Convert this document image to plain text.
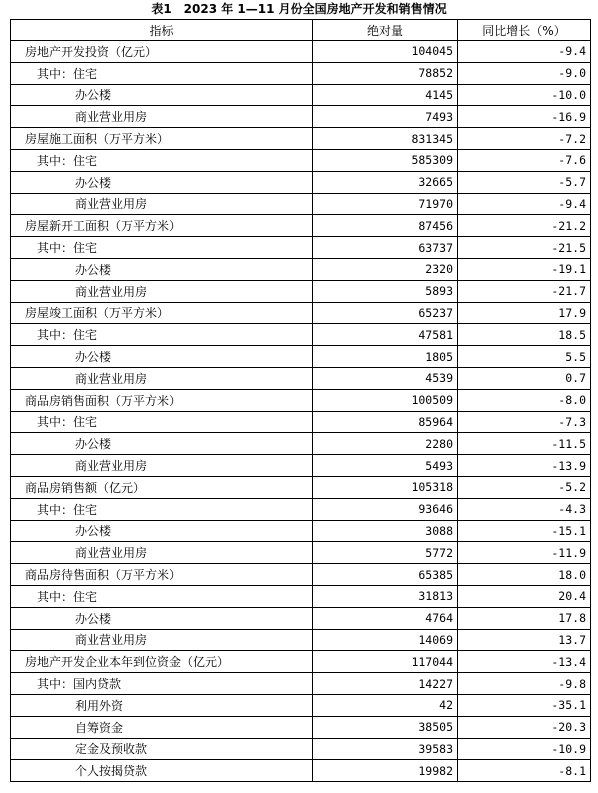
表1　2023 年 1—11 月份全国房地产开发和销售情况
指标	绝对量	同比增长（%）
房地产开发投资（亿元）	104045	-9.4
其中：住宅	78852	-9.0
办公楼	4145	-10.0
商业营业用房	7493	-16.9
房屋施工面积（万平方米）	831345	-7.2
其中：住宅	585309	-7.6
办公楼	32665	-5.7
商业营业用房	71970	-9.4
房屋新开工面积（万平方米）	87456	-21.2
其中：住宅	63737	-21.5
办公楼	2320	-19.1
商业营业用房	5893	-21.7
房屋竣工面积（万平方米）	65237	17.9
其中：住宅	47581	18.5
办公楼	1805	5.5
商业营业用房	4539	0.7
商品房销售面积（万平方米）	100509	-8.0
其中：住宅	85964	-7.3
办公楼	2280	-11.5
商业营业用房	5493	-13.9
商品房销售额（亿元）	105318	-5.2
其中：住宅	93646	-4.3
办公楼	3088	-15.1
商业营业用房	5772	-11.9
商品房待售面积（万平方米）	65385	18.0
其中：住宅	31813	20.4
办公楼	4764	17.8
商业营业用房	14069	13.7
房地产开发企业本年到位资金（亿元）	117044	-13.4
其中：国内贷款	14227	-9.8
利用外资	42	-35.1
自筹资金	38505	-20.3
定金及预收款	39583	-10.9
个人按揭贷款	19982	-8.1
